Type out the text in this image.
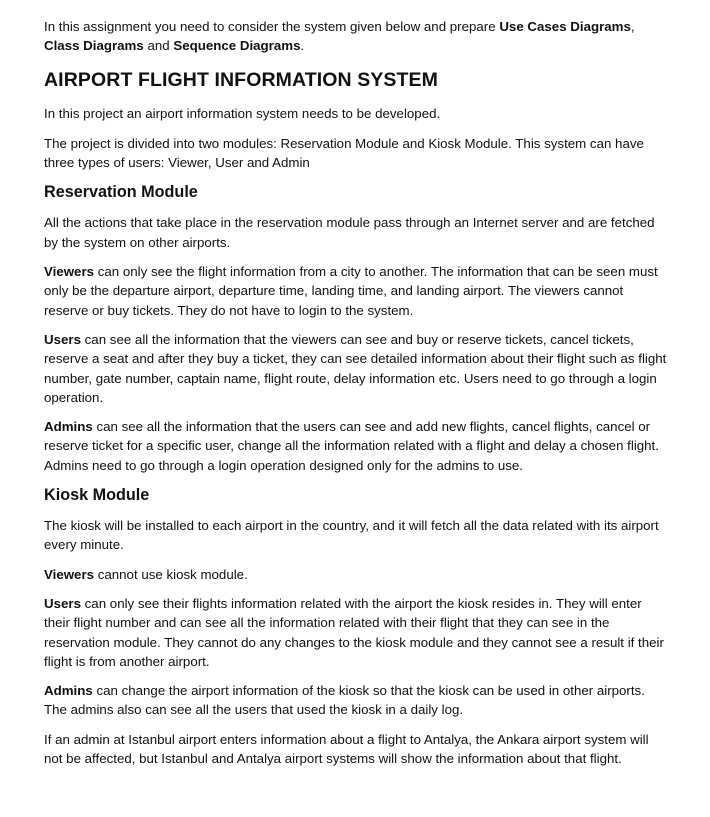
In this assignment you need to consider the system given below and prepare Use Cases Diagrams, Class Diagrams and Sequence Diagrams.

AIRPORT FLIGHT INFORMATION SYSTEM

In this project an airport information system needs to be developed.

The project is divided into two modules: Reservation Module and Kiosk Module. This system can have three types of users: Viewer, User and Admin

Reservation Module

All the actions that take place in the reservation module pass through an Internet server and are fetched by the system on other airports.

Viewers can only see the flight information from a city to another. The information that can be seen must only be the departure airport, departure time, landing time, and landing airport. The viewers cannot reserve or buy tickets. They do not have to login to the system.

Users can see all the information that the viewers can see and buy or reserve tickets, cancel tickets, reserve a seat and after they buy a ticket, they can see detailed information about their flight such as flight number, gate number, captain name, flight route, delay information etc. Users need to go through a login operation.

Admins can see all the information that the users can see and add new flights, cancel flights, cancel or reserve ticket for a specific user, change all the information related with a flight and delay a chosen flight. Admins need to go through a login operation designed only for the admins to use.

Kiosk Module

The kiosk will be installed to each airport in the country, and it will fetch all the data related with its airport every minute.

Viewers cannot use kiosk module.

Users can only see their flights information related with the airport the kiosk resides in. They will enter their flight number and can see all the information related with their flight that they can see in the reservation module. They cannot do any changes to the kiosk module and they cannot see a result if their flight is from another airport.

Admins can change the airport information of the kiosk so that the kiosk can be used in other airports. The admins also can see all the users that used the kiosk in a daily log.

If an admin at Istanbul airport enters information about a flight to Antalya, the Ankara airport system will not be affected, but Istanbul and Antalya airport systems will show the information about that flight.
